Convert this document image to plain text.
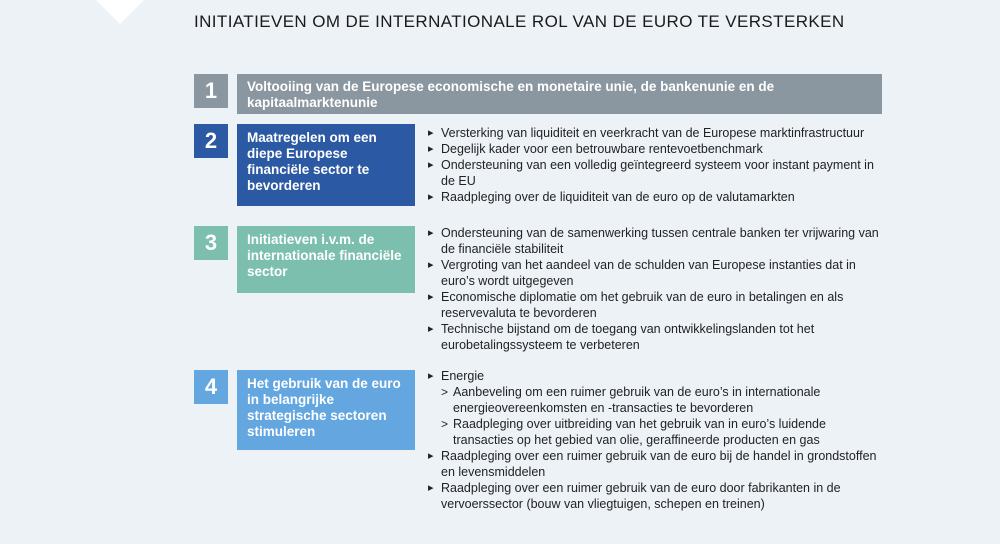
INITIATIEVEN OM DE INTERNATIONALE ROL VAN DE EURO TE VERSTERKEN
1	Voltooiing van de Europese economische en monetaire unie, de bankenunie en de kapitaalmarktenunie
2	Maatregelen om een diepe Europese financiële sector te bevorderen
▸ Versterking van liquiditeit en veerkracht van de Europese marktinfrastructuur
▸ Degelijk kader voor een betrouwbare rentevoetbenchmark
▸ Ondersteuning van een volledig geïntegreerd systeem voor instant payment in de EU
▸ Raadpleging over de liquiditeit van de euro op de valutamarkten
3	Initiatieven i.v.m. de internationale financiële sector
▸ Ondersteuning van de samenwerking tussen centrale banken ter vrijwaring van de financiële stabiliteit
▸ Vergroting van het aandeel van de schulden van Europese instanties dat in euro’s wordt uitgegeven
▸ Economische diplomatie om het gebruik van de euro in betalingen en als reservevaluta te bevorderen
▸ Technische bijstand om de toegang van ontwikkelingslanden tot het eurobetalingssysteem te verbeteren
4	Het gebruik van de euro in belangrijke strategische sectoren stimuleren
▸ Energie
> Aanbeveling om een ruimer gebruik van de euro’s in internationale energieovereenkomsten en -transacties te bevorderen
> Raadpleging over uitbreiding van het gebruik van in euro’s luidende transacties op het gebied van olie, geraffineerde producten en gas
▸ Raadpleging over een ruimer gebruik van de euro bij de handel in grondstoffen en levensmiddelen
▸ Raadpleging over een ruimer gebruik van de euro door fabrikanten in de vervoerssector (bouw van vliegtuigen, schepen en treinen)
